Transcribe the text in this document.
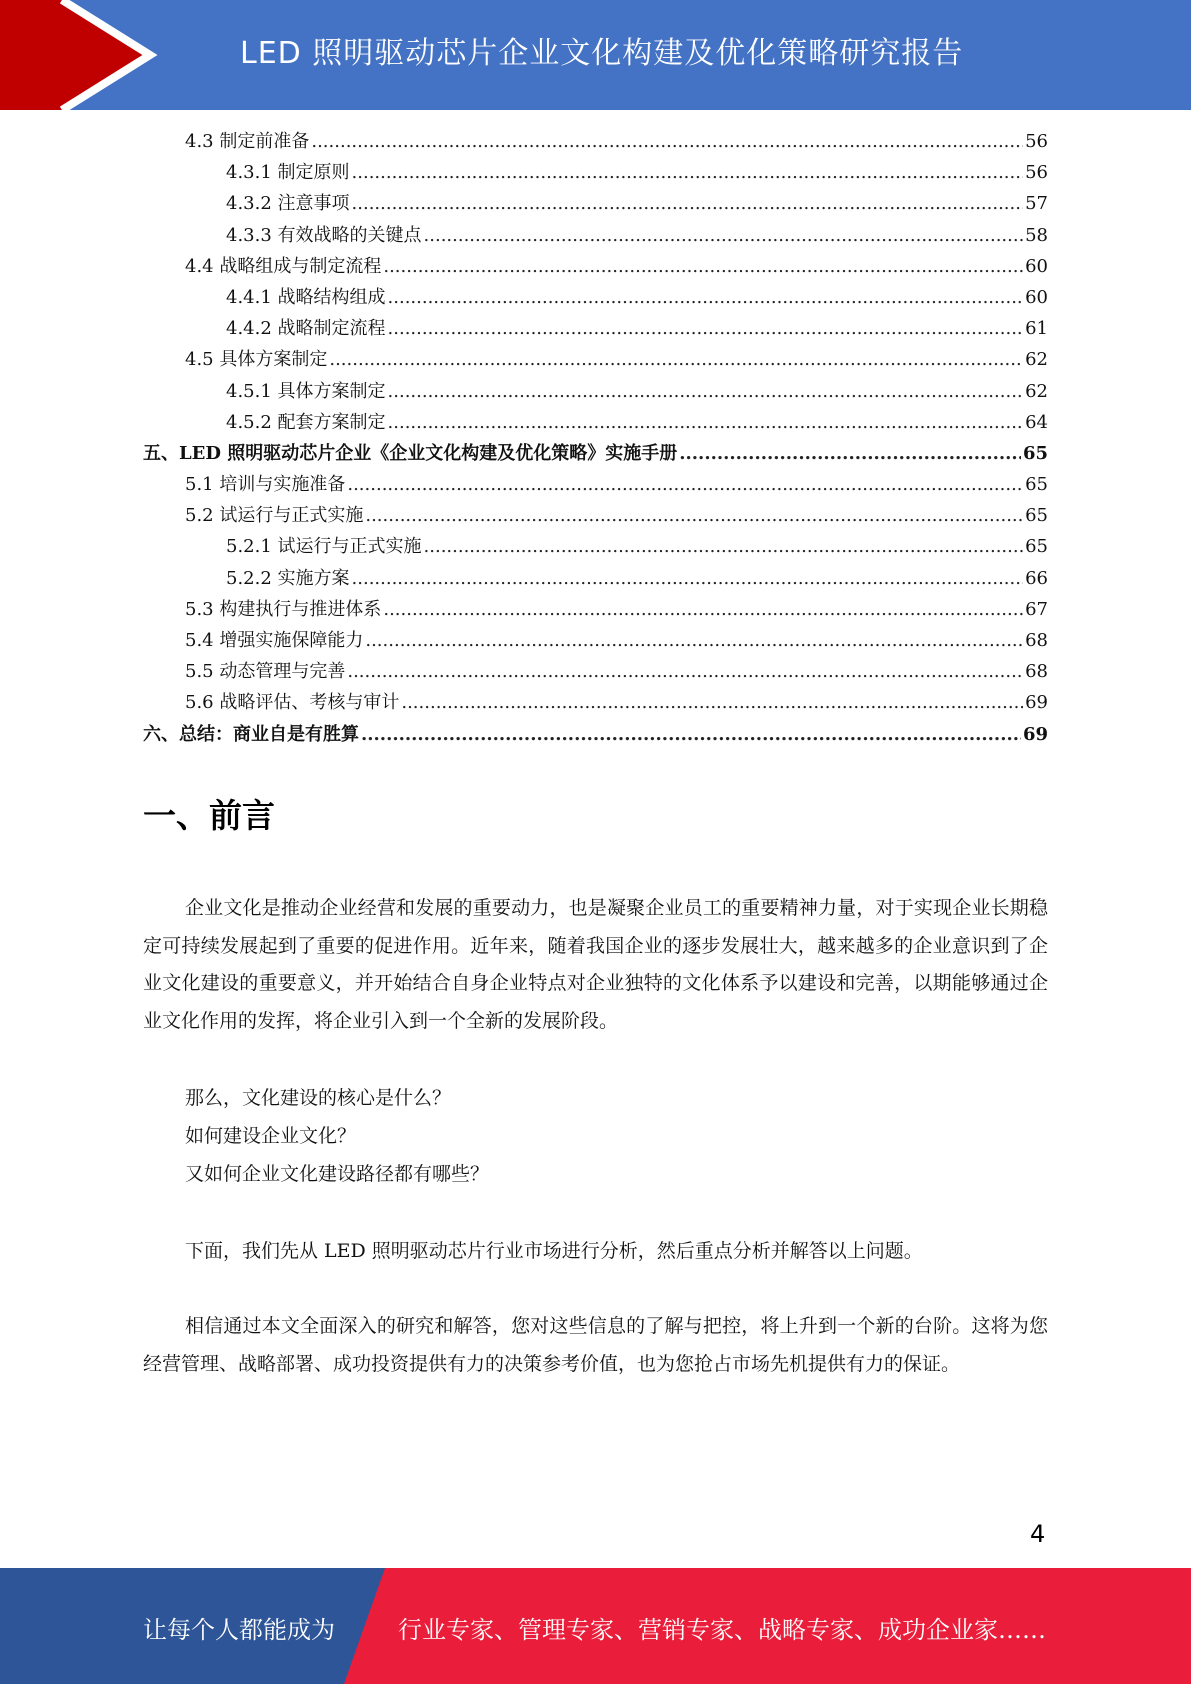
LED 照明驱动芯片企业文化构建及优化策略研究报告
4.3 制定前准备 .....	56
4.3.1 制定原则 .....	56
4.3.2 注意事项 .....	57
4.3.3 有效战略的关键点 .....	58
4.4 战略组成与制定流程 .....	60
4.4.1 战略结构组成 .....	60
4.4.2 战略制定流程 .....	61
4.5 具体方案制定 .....	62
4.5.1 具体方案制定 .....	62
4.5.2 配套方案制定 .....	64
五、LED 照明驱动芯片企业《企业文化构建及优化策略》实施手册 .....	65
5.1 培训与实施准备 .....	65
5.2 试运行与正式实施 .....	65
5.2.1 试运行与正式实施 .....	65
5.2.2 实施方案 .....	66
5.3 构建执行与推进体系 .....	67
5.4 增强实施保障能力 .....	68
5.5 动态管理与完善 .....	68
5.6 战略评估、考核与审计 .....	69
六、总结：商业自是有胜算 .....	69
一、前言

企业文化是推动企业经营和发展的重要动力，也是凝聚企业员工的重要精神力量，对于实现企业长期稳定可持续发展起到了重要的促进作用。近年来，随着我国企业的逐步发展壮大，越来越多的企业意识到了企业文化建设的重要意义，并开始结合自身企业特点对企业独特的文化体系予以建设和完善，以期能够通过企业文化作用的发挥，将企业引入到一个全新的发展阶段。

那么，文化建设的核心是什么？

如何建设企业文化？

又如何企业文化建设路径都有哪些？

下面，我们先从 LED 照明驱动芯片行业市场进行分析，然后重点分析并解答以上问题。

相信通过本文全面深入的研究和解答，您对这些信息的了解与把控，将上升到一个新的台阶。这将为您经营管理、战略部署、成功投资提供有力的决策参考价值，也为您抢占市场先机提供有力的保证。

4
让每个人都能成为	行业专家、管理专家、营销专家、战略专家、成功企业家……
